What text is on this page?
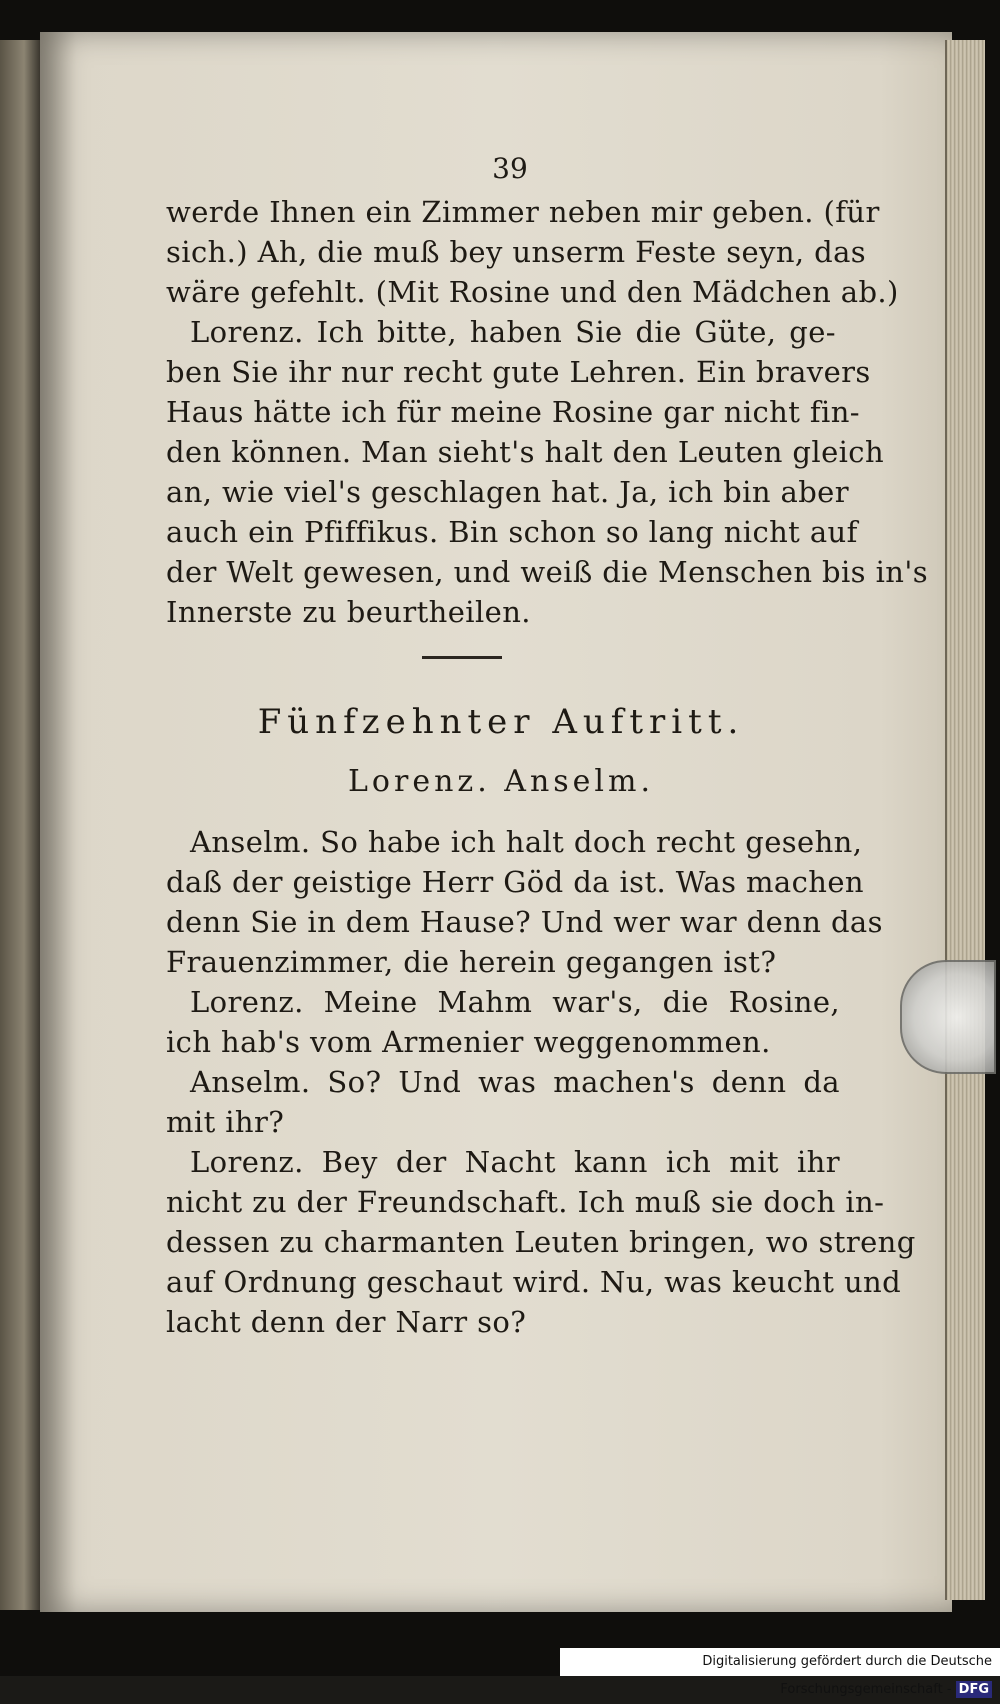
39
werde Ihnen ein Zimmer neben mir geben. (für
sich.) Ah, die muß bey unserm Feste seyn, das
wäre gefehlt. (Mit Rosine und den Mädchen ab.)
Lorenz. Ich bitte, haben Sie die Güte, ge-
ben Sie ihr nur recht gute Lehren. Ein bravers
Haus hätte ich für meine Rosine gar nicht fin-
den können. Man sieht's halt den Leuten gleich
an, wie viel's geschlagen hat. Ja, ich bin aber
auch ein Pfiffikus. Bin schon so lang nicht auf
der Welt gewesen, und weiß die Menschen bis in's
Innerste zu beurtheilen.
Fünfzehnter Auftritt.
Lorenz. Anselm.
Anselm. So habe ich halt doch recht gesehn,
daß der geistige Herr Göd da ist. Was machen
denn Sie in dem Hause? Und wer war denn das
Frauenzimmer, die herein gegangen ist?
Lorenz. Meine Mahm war's, die Rosine,
ich hab's vom Armenier weggenommen.
Anselm. So? Und was machen's denn da
mit ihr?
Lorenz. Bey der Nacht kann ich mit ihr
nicht zu der Freundschaft. Ich muß sie doch in-
dessen zu charmanten Leuten bringen, wo streng
auf Ordnung geschaut wird. Nu, was keucht und
lacht denn der Narr so?
Digitalisierung gefördert durch die Deutsche Forschungsgemeinschaft - DFG
